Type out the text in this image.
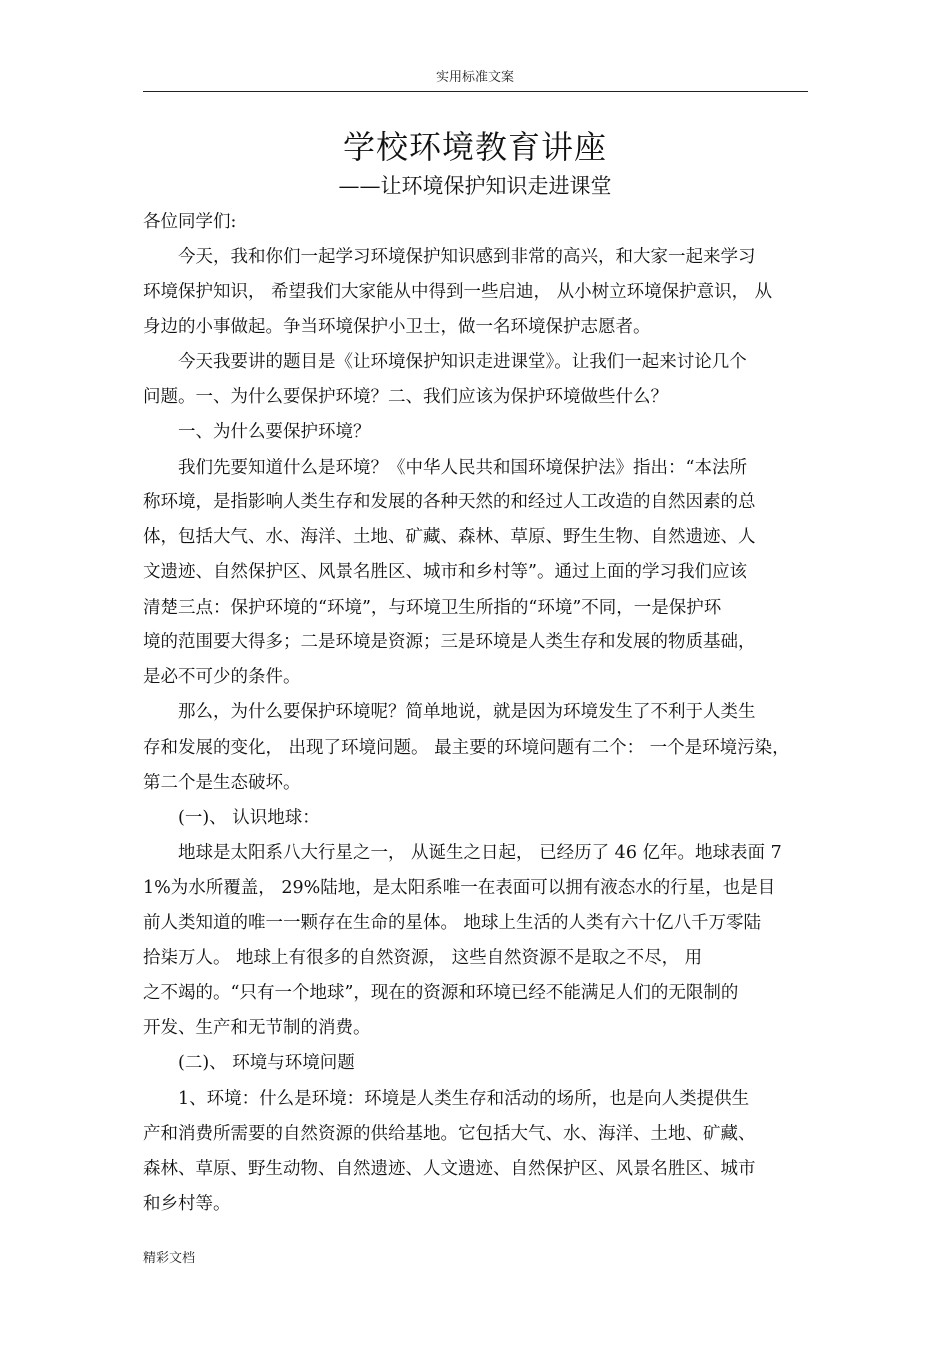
实用标准文案
学校环境教育讲座
——让环境保护知识走进课堂
各位同学们:
今天，我和你们一起学习环境保护知识感到非常的高兴，和大家一起来学习
环境保护知识， 希望我们大家能从中得到一些启迪， 从小树立环境保护意识， 从
身边的小事做起。争当环境保护小卫士，做一名环境保护志愿者。
今天我要讲的题目是《让环境保护知识走进课堂》。让我们一起来讨论几个
问题。一、为什么要保护环境？二、我们应该为保护环境做些什么？
一、为什么要保护环境？
我们先要知道什么是环境？《中华人民共和国环境保护法》指出：“本法所
称环境，是指影响人类生存和发展的各种天然的和经过人工改造的自然因素的总
体，包括大气、水、海洋、土地、矿藏、森林、草原、野生生物、自然遗迹、人
文遗迹、自然保护区、风景名胜区、城市和乡村等”。通过上面的学习我们应该
清楚三点：保护环境的“环境”，与环境卫生所指的“环境”不同，一是保护环
境的范围要大得多；二是环境是资源；三是环境是人类生存和发展的物质基础，
是必不可少的条件。
那么，为什么要保护环境呢？简单地说，就是因为环境发生了不利于人类生
存和发展的变化， 出现了环境问题。 最主要的环境问题有二个： 一个是环境污染，
第二个是生态破坏。
(一)、 认识地球：
地球是太阳系八大行星之一， 从诞生之日起， 已经历了 46 亿年。地球表面 7
1%为水所覆盖， 29%陆地，是太阳系唯一在表面可以拥有液态水的行星，也是目
前人类知道的唯一一颗存在生命的星体。 地球上生活的人类有六十亿八千万零陆
拾柒万人。 地球上有很多的自然资源， 这些自然资源不是取之不尽， 用
之不竭的。“只有一个地球”，现在的资源和环境已经不能满足人们的无限制的
开发、生产和无节制的消费。
(二)、 环境与环境问题
1、环境：什么是环境：环境是人类生存和活动的场所，也是向人类提供生
产和消费所需要的自然资源的供给基地。它包括大气、水、海洋、土地、矿藏、
森林、草原、野生动物、自然遗迹、人文遗迹、自然保护区、风景名胜区、城市
和乡村等。
精彩文档
